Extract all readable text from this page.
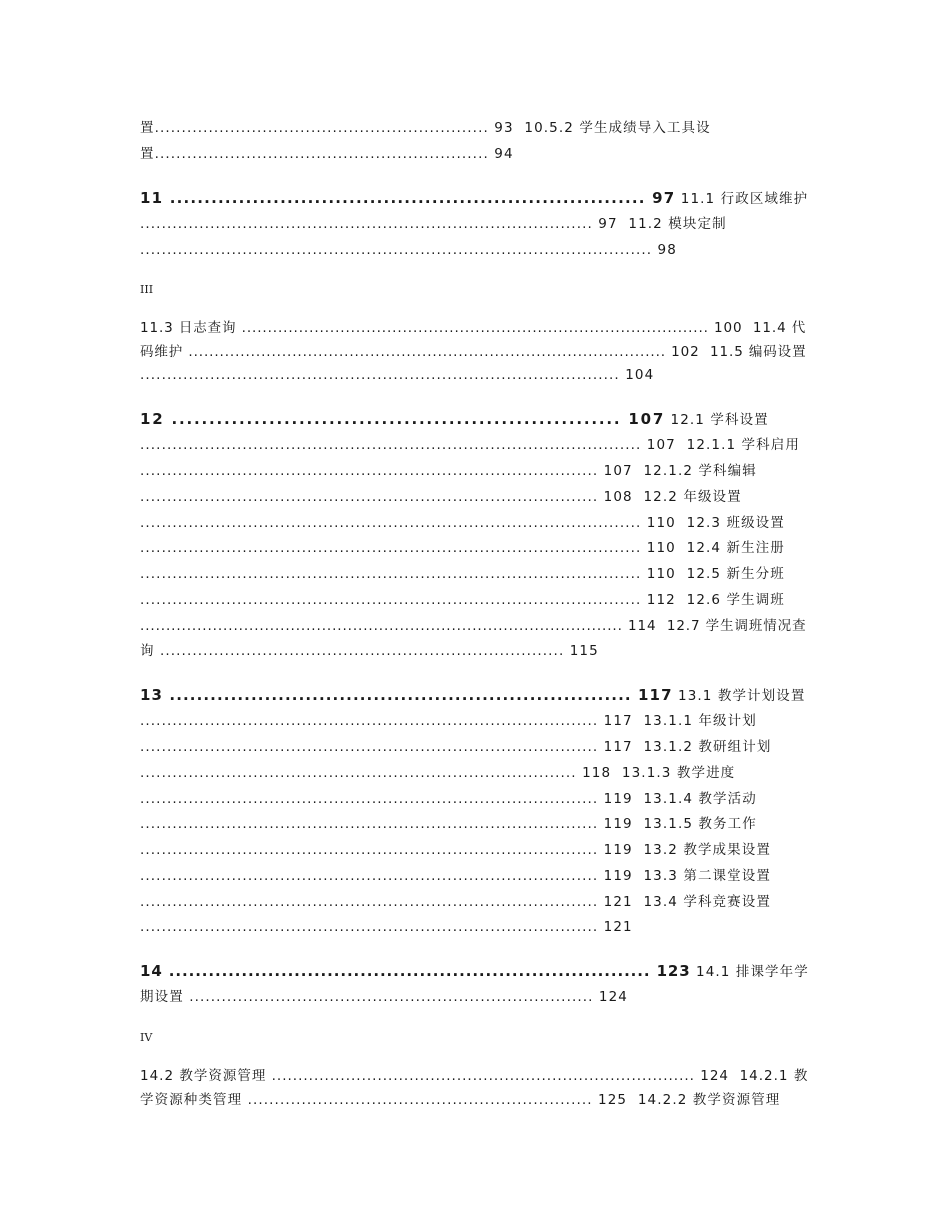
置.............................................................. 93  10.5.2 学生成绩导入工具设
置.............................................................. 94
11 ..................................................................... 97 11.1 行政区域维护
.................................................................................... 97  11.2 模块定制
............................................................................................... 98
III
11.3 日志查询 .......................................................................................... 100  11.4 代
码维护 ............................................................................................ 102  11.5 编码设置
......................................................................................... 104
12 ............................................................ 107 12.1 学科设置
............................................................................................. 107  12.1.1 学科启用
..................................................................................... 107  12.1.2 学科编辑
..................................................................................... 108  12.2 年级设置
............................................................................................. 110  12.3 班级设置
............................................................................................. 110  12.4 新生注册
............................................................................................. 110  12.5 新生分班
............................................................................................. 112  12.6 学生调班
............................................................................................. 114  12.7 学生调班情况查
询 ........................................................................... 115
13 .................................................................... 117 13.1 教学计划设置
..................................................................................... 117  13.1.1 年级计划
..................................................................................... 117  13.1.2 教研组计划
................................................................................. 118  13.1.3 教学进度
..................................................................................... 119  13.1.4 教学活动
..................................................................................... 119  13.1.5 教务工作
..................................................................................... 119  13.2 教学成果设置
..................................................................................... 119  13.3 第二课堂设置
..................................................................................... 121  13.4 学科竞赛设置
..................................................................................... 121
14 ......................................................................... 123 14.1 排课学年学
期设置 ........................................................................... 124
IV
14.2 教学资源管理 ................................................................................ 124  14.2.1 教
学资源种类管理 ................................................................ 125  14.2.2 教学资源管理
